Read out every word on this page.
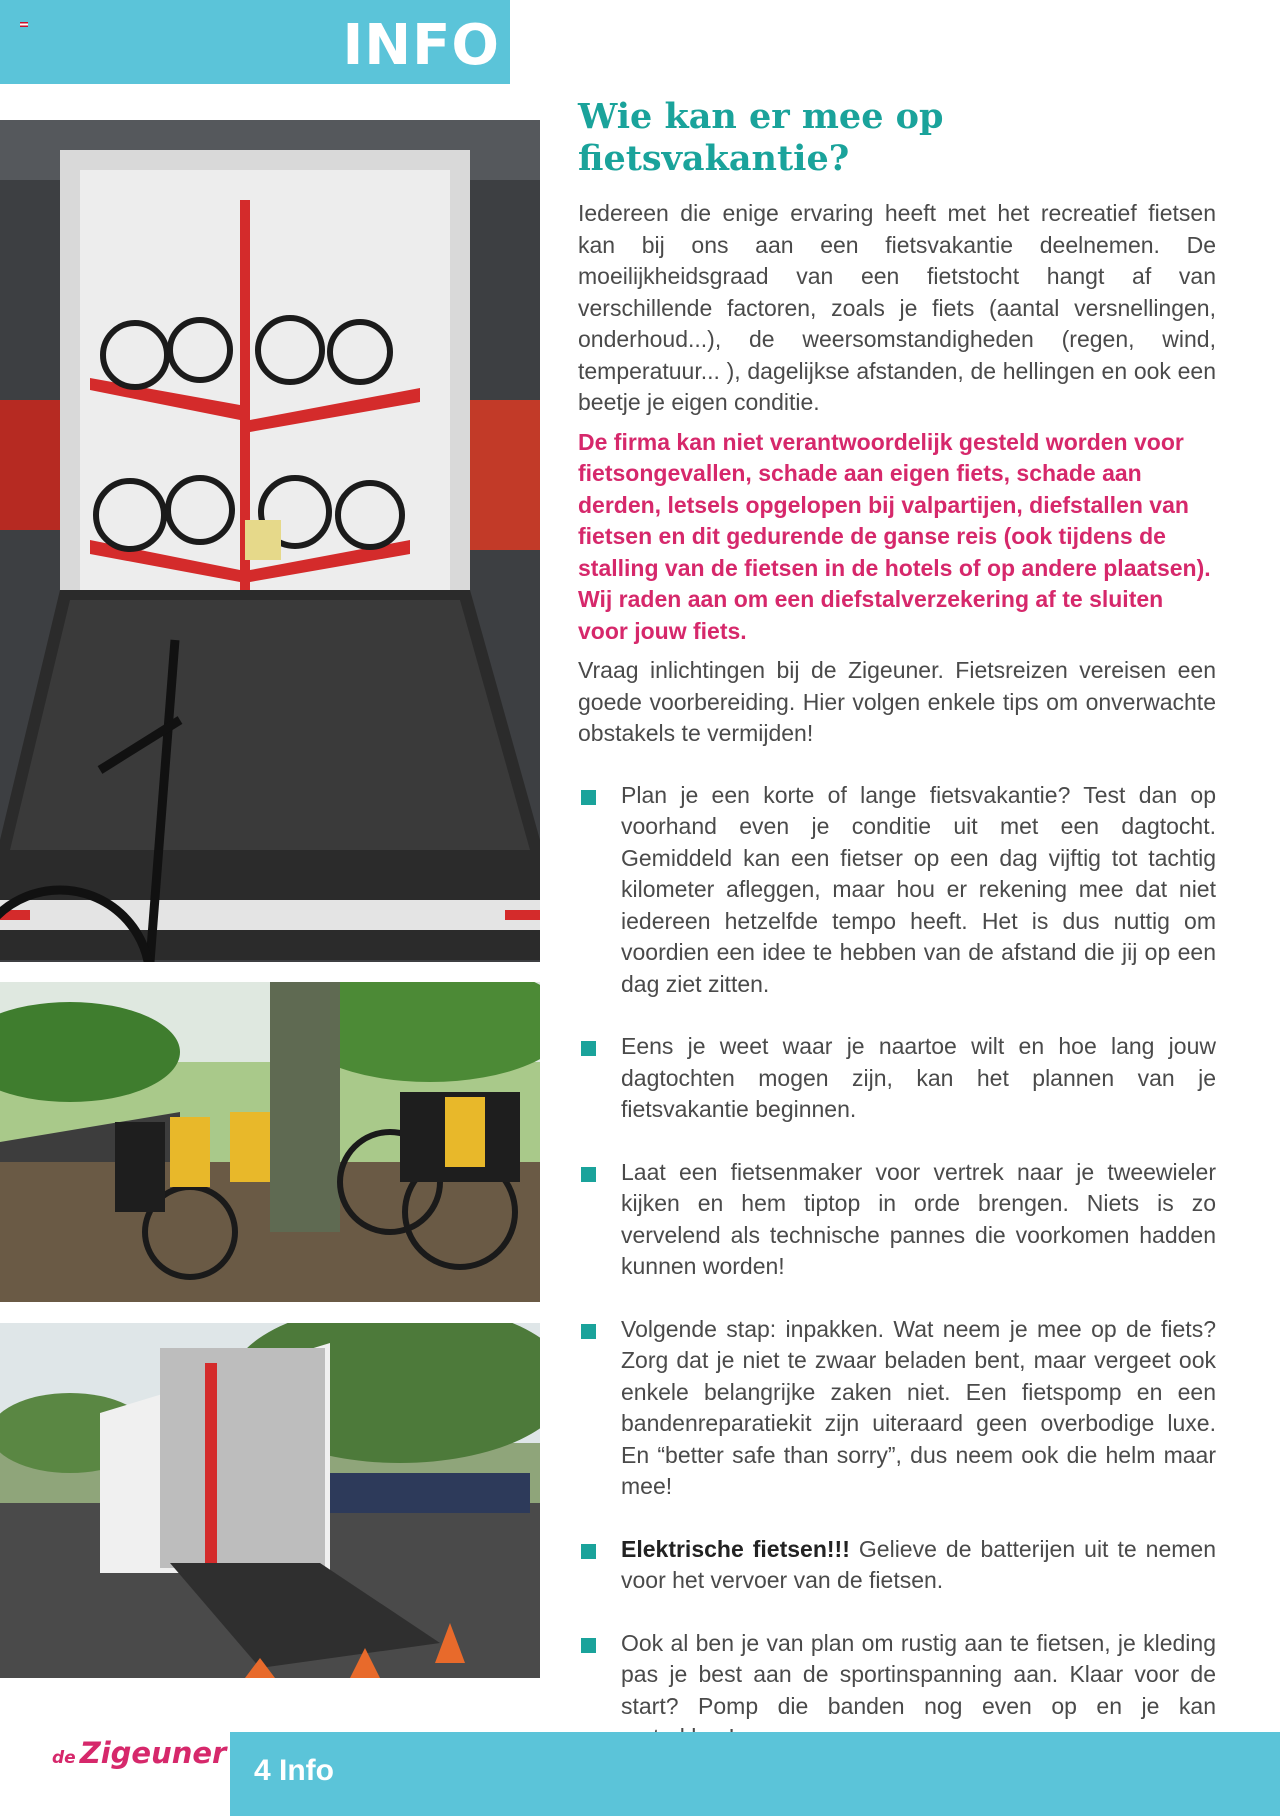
INFO
Wie kan er mee op fietsvakantie?

Iedereen die enige ervaring heeft met het recreatief fietsen kan bij ons aan een fietsvakantie deelnemen. De moeilijkheidsgraad van een fietstocht hangt af van verschillende factoren, zoals je fiets (aantal versnellingen, onderhoud...), de weersomstandigheden (regen, wind, temperatuur... ), dagelijkse afstanden, de hellingen en ook een beetje je eigen conditie.

De firma kan niet verantwoordelijk gesteld worden voor fietsongevallen, schade aan eigen fiets, schade aan derden, letsels opgelopen bij valpartijen, diefstallen van fietsen en dit gedurende de ganse reis (ook tijdens de stalling van de fietsen in de hotels of op andere plaatsen). Wij raden aan om een diefstalverzekering af te sluiten voor jouw fiets.

Vraag inlichtingen bij de Zigeuner. Fietsreizen vereisen een goede voorbereiding. Hier volgen enkele tips om onverwachte obstakels te vermijden!

Plan je een korte of lange fietsvakantie? Test dan op voorhand even je conditie uit met een dagtocht. Gemiddeld kan een fietser op een dag vijftig tot tachtig kilometer afleggen, maar hou er rekening mee dat niet iedereen hetzelfde tempo heeft. Het is dus nuttig om voordien een idee te hebben van de afstand die jij op een dag ziet zitten.
Eens je weet waar je naartoe wilt en hoe lang jouw dagtochten mogen zijn, kan het plannen van je fietsvakantie beginnen.
Laat een fietsenmaker voor vertrek naar je tweewieler kijken en hem tiptop in orde brengen. Niets is zo vervelend als technische pannes die voorkomen hadden kunnen worden!
Volgende stap: inpakken. Wat neem je mee op de fiets? Zorg dat je niet te zwaar beladen bent, maar vergeet ook enkele belangrijke zaken niet. Een fietspomp en een bandenreparatiekit zijn uiteraard geen overbodige luxe. En “better safe than sorry”, dus neem ook die helm maar mee!
Elektrische fietsen!!! Gelieve de batterijen uit te nemen voor het vervoer van de fietsen.
Ook al ben je van plan om rustig aan te fietsen, je kleding pas je best aan de sportinspanning aan. Klaar voor de start? Pomp die banden nog even op en je kan
de Zigeuner
4 Info
